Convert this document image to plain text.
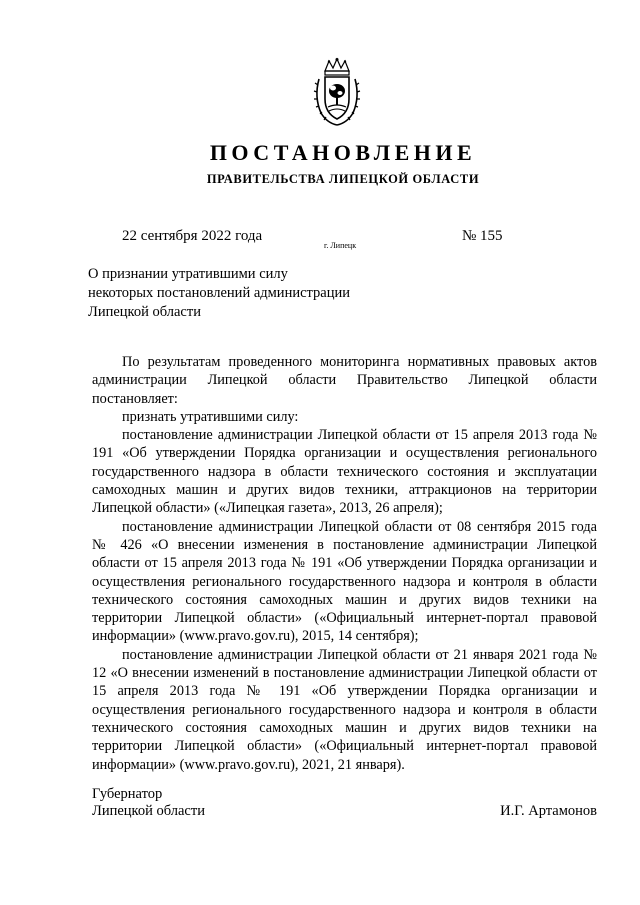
ПОСТАНОВЛЕНИЕ
ПРАВИТЕЛЬСТВА ЛИПЕЦКОЙ ОБЛАСТИ
22 сентября 2022 года
г. Липецк
№ 155
О признании утратившими силу
некоторых постановлений администрации
Липецкой области

По результатам проведенного мониторинга нормативных правовых актов администрации Липецкой области Правительство Липецкой области постановляет:

признать утратившими силу:

постановление администрации Липецкой области от 15 апреля 2013 года № 191 «Об утверждении Порядка организации и осуществления регионального государственного надзора в области технического состояния и эксплуатации самоходных машин и других видов техники, аттракционов на территории Липецкой области» («Липецкая газета», 2013, 26 апреля);

постановление администрации Липецкой области от 08 сентября 2015 года № 426 «О внесении изменения в постановление администрации Липецкой области от 15 апреля 2013 года № 191 «Об утверждении Порядка организации и осуществления регионального государственного надзора и контроля в области технического состояния самоходных машин и других видов техники на территории Липецкой области» («Официальный интернет-портал правовой информации» (www.pravo.gov.ru), 2015, 14 сентября);

постановление администрации Липецкой области от 21 января 2021 года № 12 «О внесении изменений в постановление администрации Липецкой области от 15 апреля 2013 года № 191 «Об утверждении Порядка организации и осуществления регионального государственного надзора и контроля в области технического состояния самоходных машин и других видов техники на территории Липецкой области» («Официальный интернет-портал правовой информации» (www.pravo.gov.ru), 2021, 21 января).

Губернатор
Липецкой области	И.Г. Артамонов
